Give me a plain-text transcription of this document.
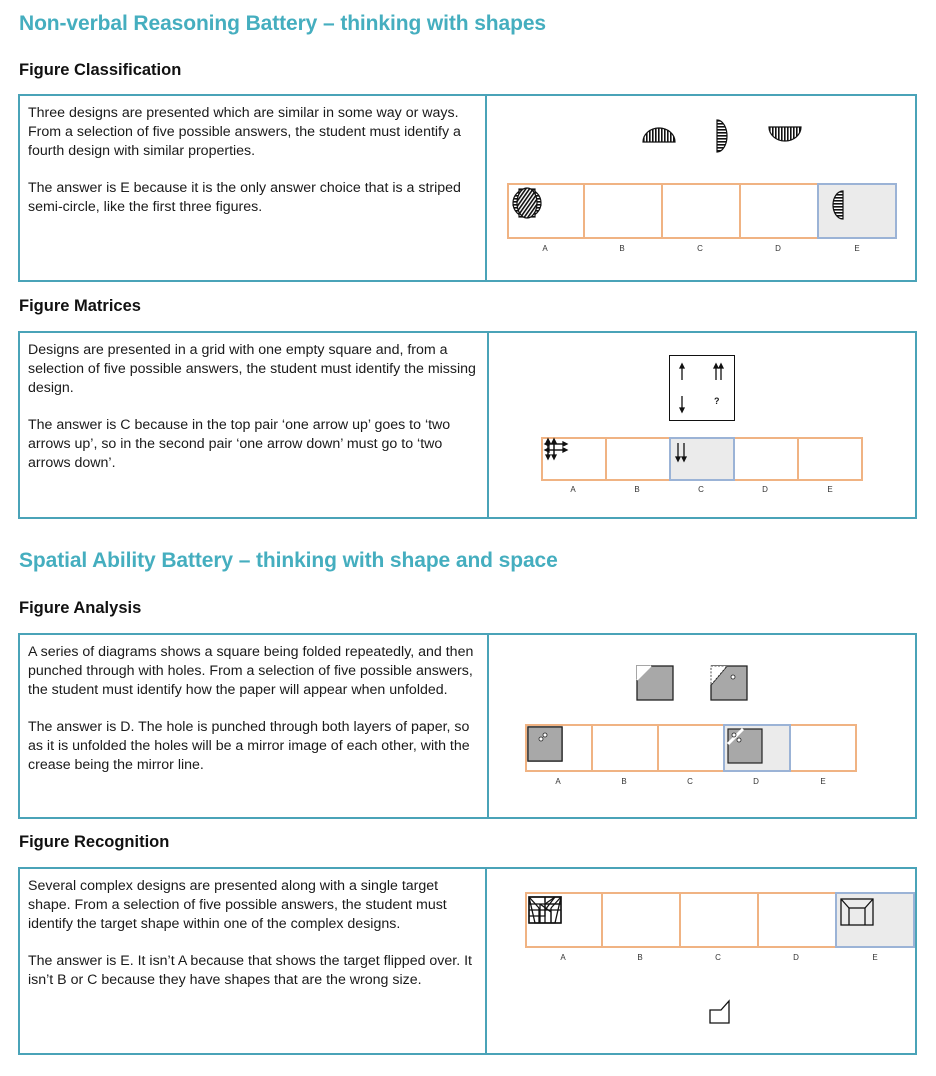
Non-verbal Reasoning Battery – thinking with shapes
Figure Classification

Three designs are presented which are similar in some way or ways. From a selection of five possible answers, the student must identify a fourth design with similar properties.

The answer is E because it is the only answer choice that is a striped semi-circle, like the first three figures.

A	B	C	D	E
Figure Matrices

Designs are presented in a grid with one empty square and, from a selection of five possible answers, the student must identify the missing design.

The answer is C because in the top pair ‘one arrow up’ goes to ‘two arrows up’, so in the second pair ‘one arrow down’ must go to ‘two arrows down’.

?
A	B	C	D	E
Spatial Ability Battery – thinking with shape and space
Figure Analysis

A series of diagrams shows a square being folded repeatedly, and then punched through with holes. From a selection of five possible answers, the student must identify how the paper will appear when unfolded.

The answer is D. The hole is punched through both layers of paper, so as it is unfolded the holes will be a mirror image of each other, with the crease being the mirror line.

A	B	C	D	E
Figure Recognition

Several complex designs are presented along with a single target shape. From a selection of five possible answers, the student must identify the target shape within one of the complex designs.

The answer is E. It isn’t A because that shows the target flipped over. It isn’t B or C because they have shapes that are the wrong size.

A	B	C	D	E
